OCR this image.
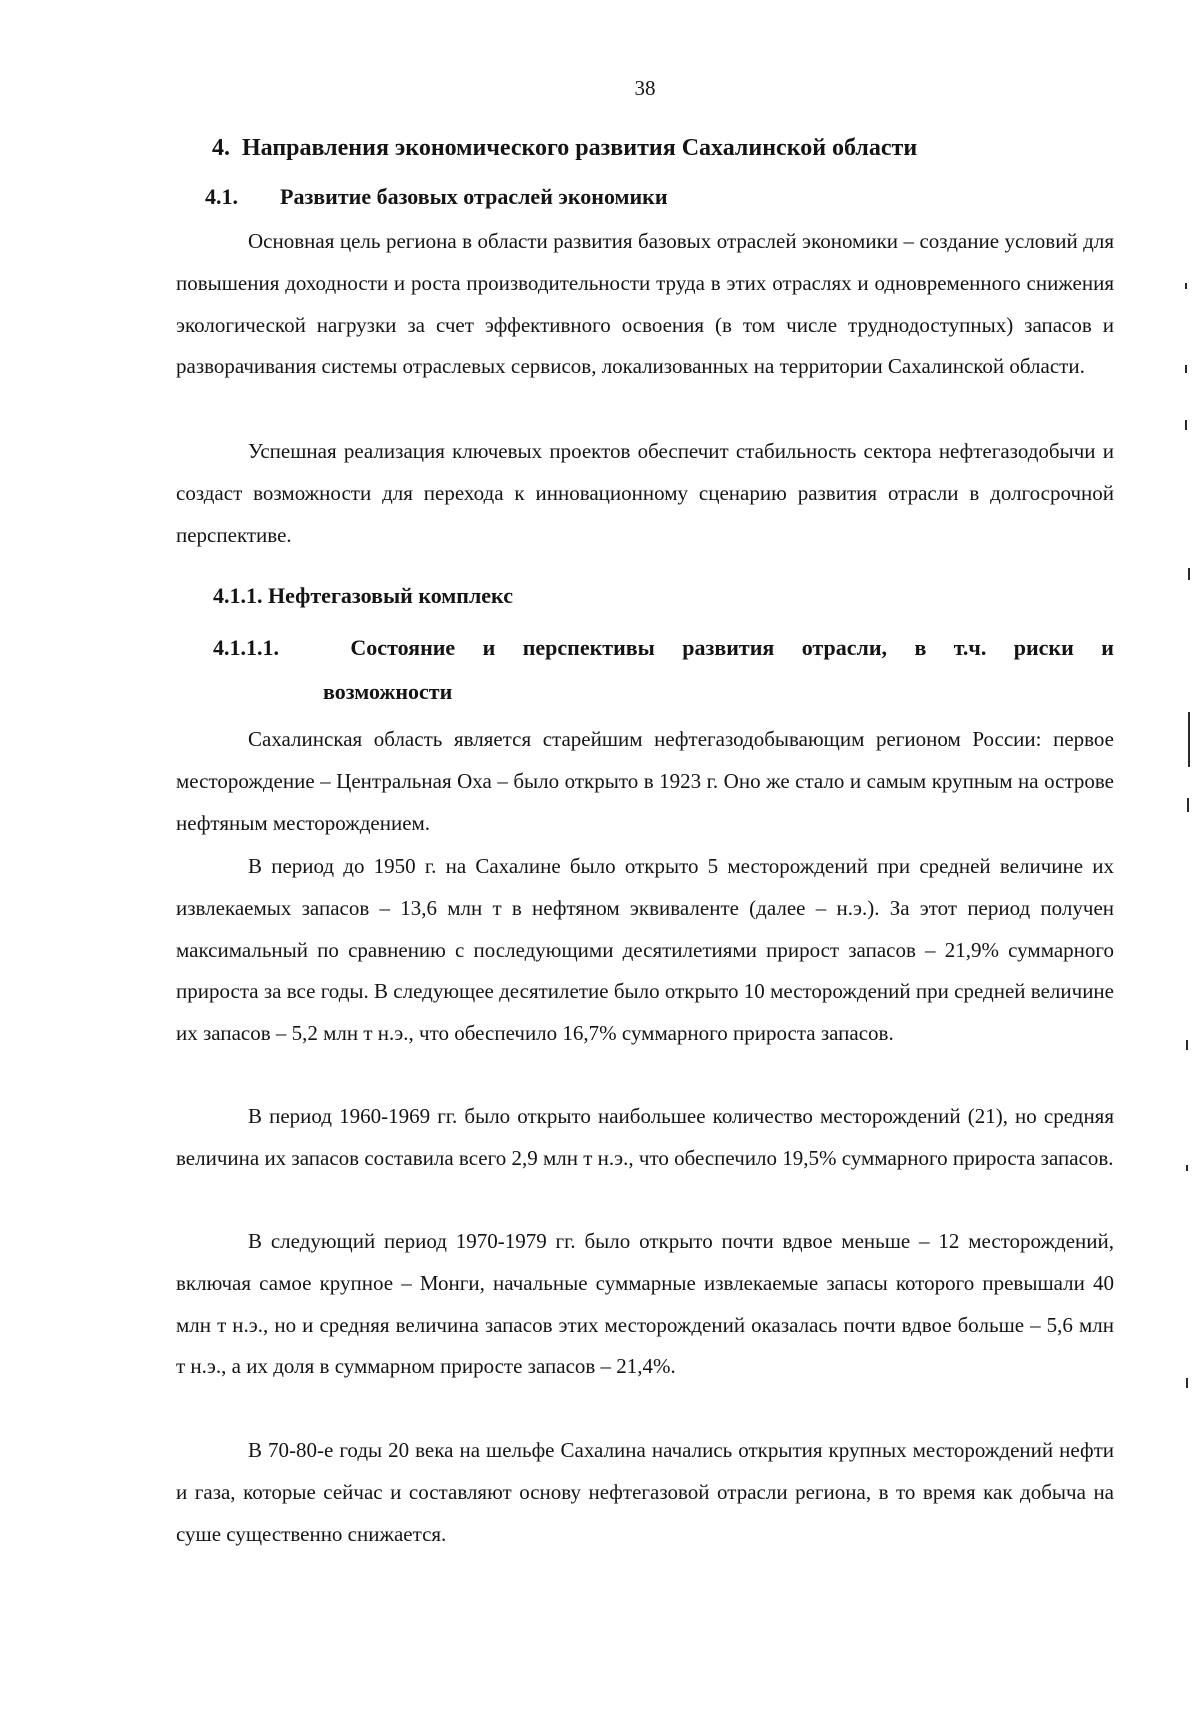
38
4. Направления экономического развития Сахалинской области
4.1. Развитие базовых отраслей экономики

Основная цель региона в области развития базовых отраслей экономики – создание условий для повышения доходности и роста производительности труда в этих отраслях и одновременного снижения экологической нагрузки за счет эффективного освоения (в том числе труднодоступных) запасов и разворачивания системы отраслевых сервисов, локализованных на территории Сахалинской области.

Успешная реализация ключевых проектов обеспечит стабильность сектора нефтегазодобычи и создаст возможности для перехода к инновационному сценарию развития отрасли в долгосрочной перспективе.

4.1.1. Нефтегазовый комплекс
4.1.1.1.	Состояние и перспективы развития отрасли, в т.ч. риски и
возможности

Сахалинская область является старейшим нефтегазодобывающим регионом России: первое месторождение – Центральная Оха – было открыто в 1923 г. Оно же стало и самым крупным на острове нефтяным месторождением.

В период до 1950 г. на Сахалине было открыто 5 месторождений при средней величине их извлекаемых запасов – 13,6 млн т в нефтяном эквиваленте (далее – н.э.). За этот период получен максимальный по сравнению с последующими десятилетиями прирост запасов – 21,9% суммарного прироста за все годы. В следующее десятилетие было открыто 10 месторождений при средней величине их запасов – 5,2 млн т н.э., что обеспечило 16,7% суммарного прироста запасов.

В период 1960-1969 гг. было открыто наибольшее количество месторождений (21), но средняя величина их запасов составила всего 2,9 млн т н.э., что обеспечило 19,5% суммарного прироста запасов.

В следующий период 1970-1979 гг. было открыто почти вдвое меньше – 12 месторождений, включая самое крупное – Монги, начальные суммарные извлекаемые запасы которого превышали 40 млн т н.э., но и средняя величина запасов этих месторождений оказалась почти вдвое больше – 5,6 млн т н.э., а их доля в суммарном приросте запасов – 21,4%.

В 70-80-е годы 20 века на шельфе Сахалина начались открытия крупных месторождений нефти и газа, которые сейчас и составляют основу нефтегазовой отрасли региона, в то время как добыча на суше существенно снижается.
